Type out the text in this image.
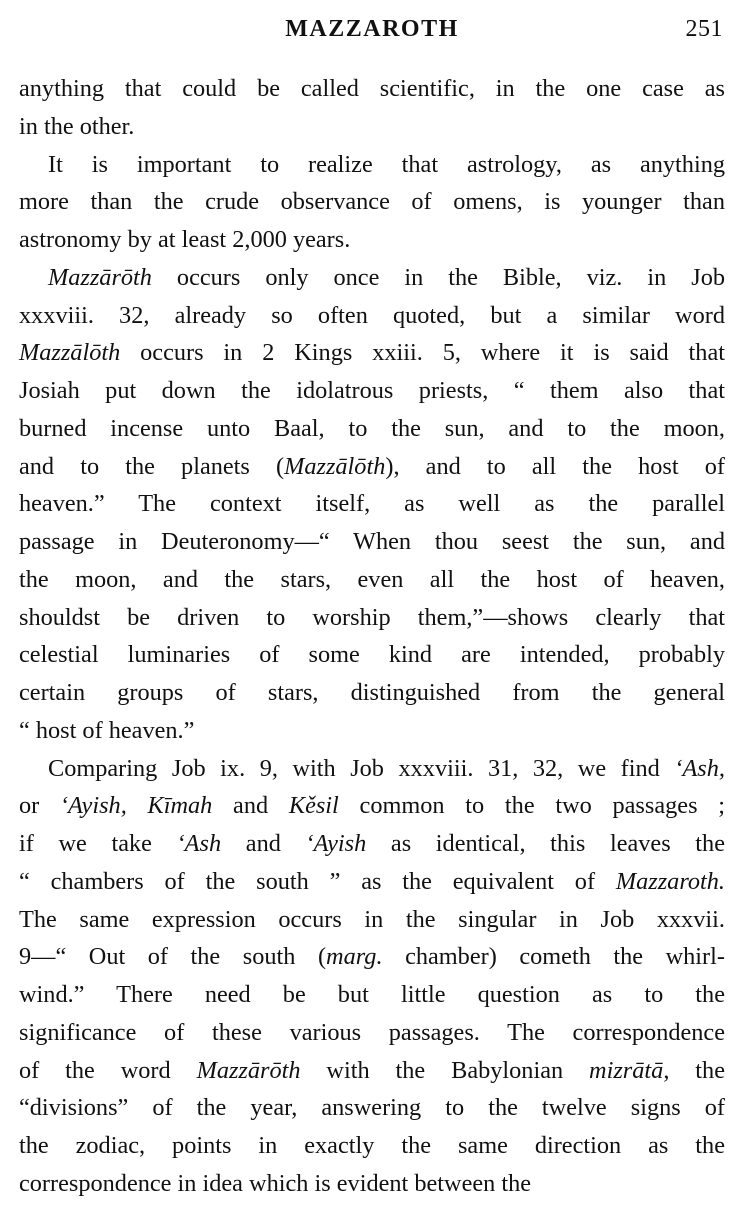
MAZZAROTH	251
anything that could be called scientific, in the one case as
in the other.
It is important to realize that astrology, as anything
more than the crude observance of omens, is younger than
astronomy by at least 2,000 years.
Mazzārōth occurs only once in the Bible, viz. in Job
xxxviii. 32, already so often quoted, but a similar word
Mazzālōth occurs in 2 Kings xxiii. 5, where it is said that
Josiah put down the idolatrous priests, “ them also that
burned incense unto Baal, to the sun, and to the moon,
and to the planets (Mazzālōth), and to all the host of
heaven.” The context itself, as well as the parallel
passage in Deuteronomy—“ When thou seest the sun, and
the moon, and the stars, even all the host of heaven,
shouldst be driven to worship them,”—shows clearly that
celestial luminaries of some kind are intended, probably
certain groups of stars, distinguished from the general
“ host of heaven.”
Comparing Job ix. 9, with Job xxxviii. 31, 32, we find ‘Ash,
or ‘Ayish, Kīmah and Kěsil common to the two passages ;
if we take ‘Ash and ‘Ayish as identical, this leaves the
“ chambers of the south ” as the equivalent of Mazzaroth.
The same expression occurs in the singular in Job xxxvii.
9—“ Out of the south (marg. chamber) cometh the whirl-
wind.” There need be but little question as to the
significance of these various passages. The correspondence
of the word Mazzārōth with the Babylonian mizrātā, the
“divisions” of the year, answering to the twelve signs of
the zodiac, points in exactly the same direction as the
correspondence in idea which is evident between the
